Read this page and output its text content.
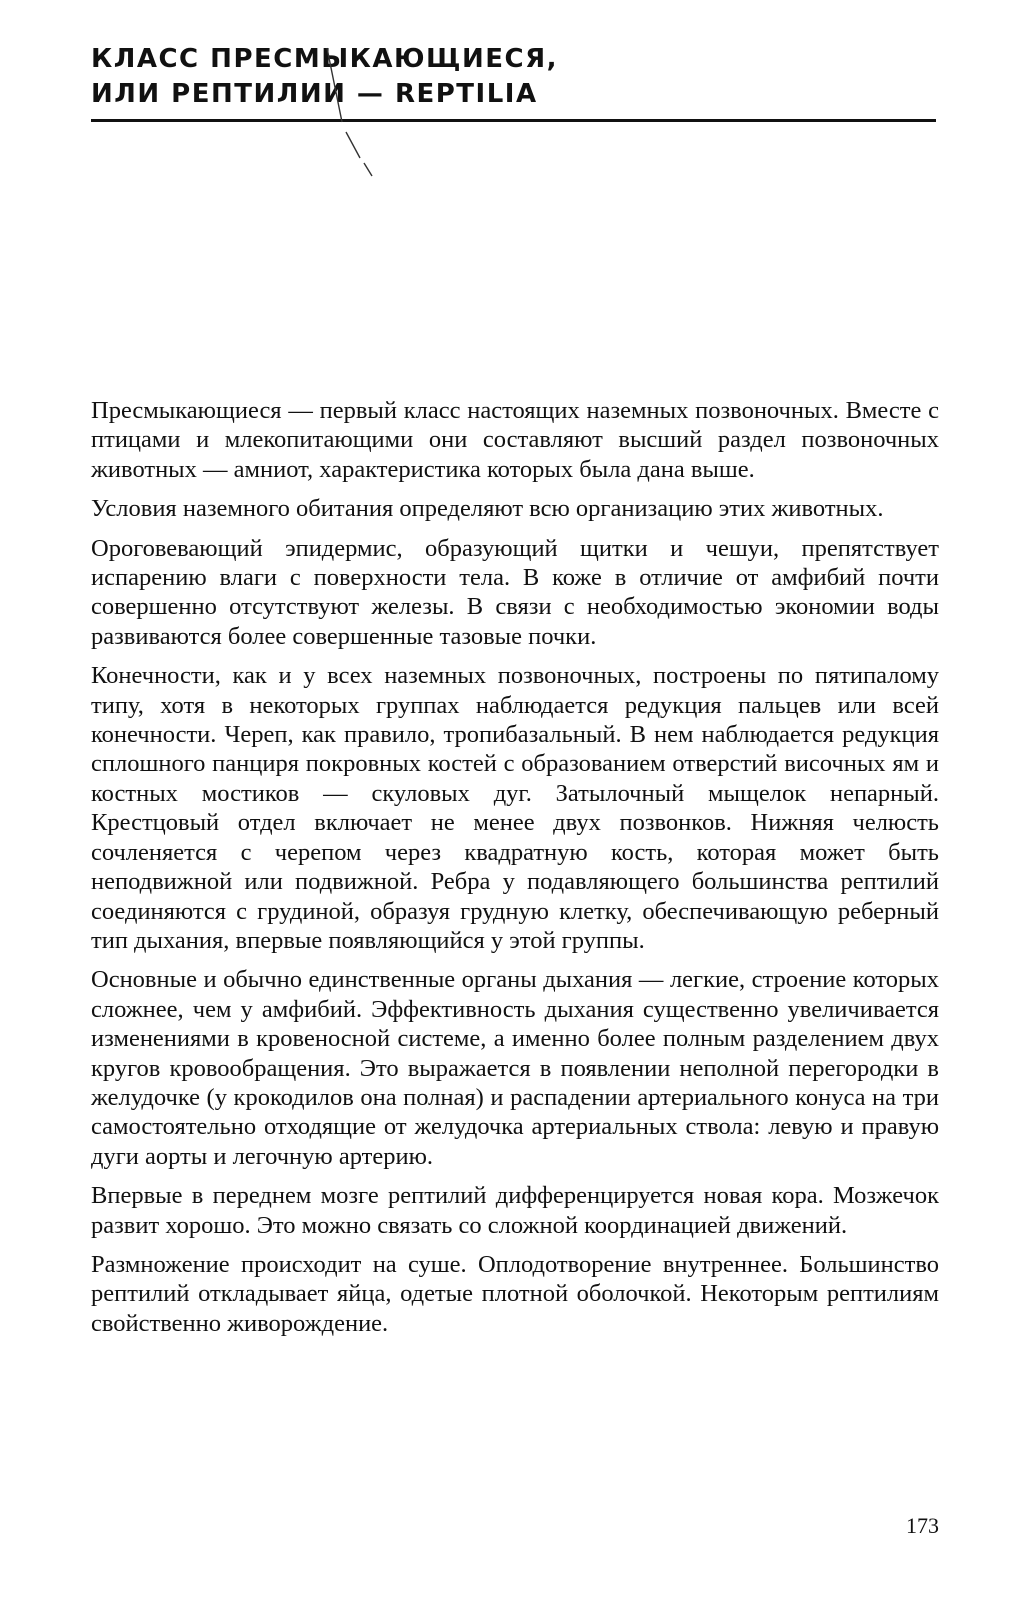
КЛАСС ПРЕСМЫКАЮЩИЕСЯ,
ИЛИ РЕПТИЛИИ — REPTILIA

Пресмыкающиеся — первый класс настоящих наземных позвоночных. Вместе с птицами и млекопитающими они составляют высший раздел позвоночных животных — амниот, характеристика которых была дана выше.

Условия наземного обитания определяют всю организацию этих животных.

Ороговевающий эпидермис, образующий щитки и чешуи, препятствует испарению влаги с поверхности тела. В коже в отличие от амфибий почти совершенно отсутствуют железы. В связи с необходимостью экономии воды развиваются более совершенные тазовые почки.

Конечности, как и у всех наземных позвоночных, построены по пятипалому типу, хотя в некоторых группах наблюдается редукция пальцев или всей конечности. Череп, как правило, тропибазальный. В нем наблюдается редукция сплошного панциря покровных костей с образованием отверстий височных ям и костных мостиков — скуловых дуг. Затылочный мыщелок непарный. Крестцовый отдел включает не менее двух позвонков. Нижняя челюсть сочленяется с черепом через квадратную кость, которая может быть неподвижной или подвижной. Ребра у подавляющего большинства рептилий соединяются с грудиной, образуя грудную клетку, обеспечивающую реберный тип дыхания, впервые появляющийся у этой группы.

Основные и обычно единственные органы дыхания — легкие, строение которых сложнее, чем у амфибий. Эффективность дыхания существенно увеличивается изменениями в кровеносной системе, а именно более полным разделением двух кругов кровообращения. Это выражается в появлении неполной перегородки в желудочке (у крокодилов она полная) и распадении артериального конуса на три самостоятельно отходящие от желудочка артериальных ствола: левую и правую дуги аорты и легочную артерию.

Впервые в переднем мозге рептилий дифференцируется новая кора. Мозжечок развит хорошо. Это можно связать со сложной координацией движений.

Размножение происходит на суше. Оплодотворение внутреннее. Большинство рептилий откладывает яйца, одетые плотной оболочкой. Некоторым рептилиям свойственно живорождение.

173
